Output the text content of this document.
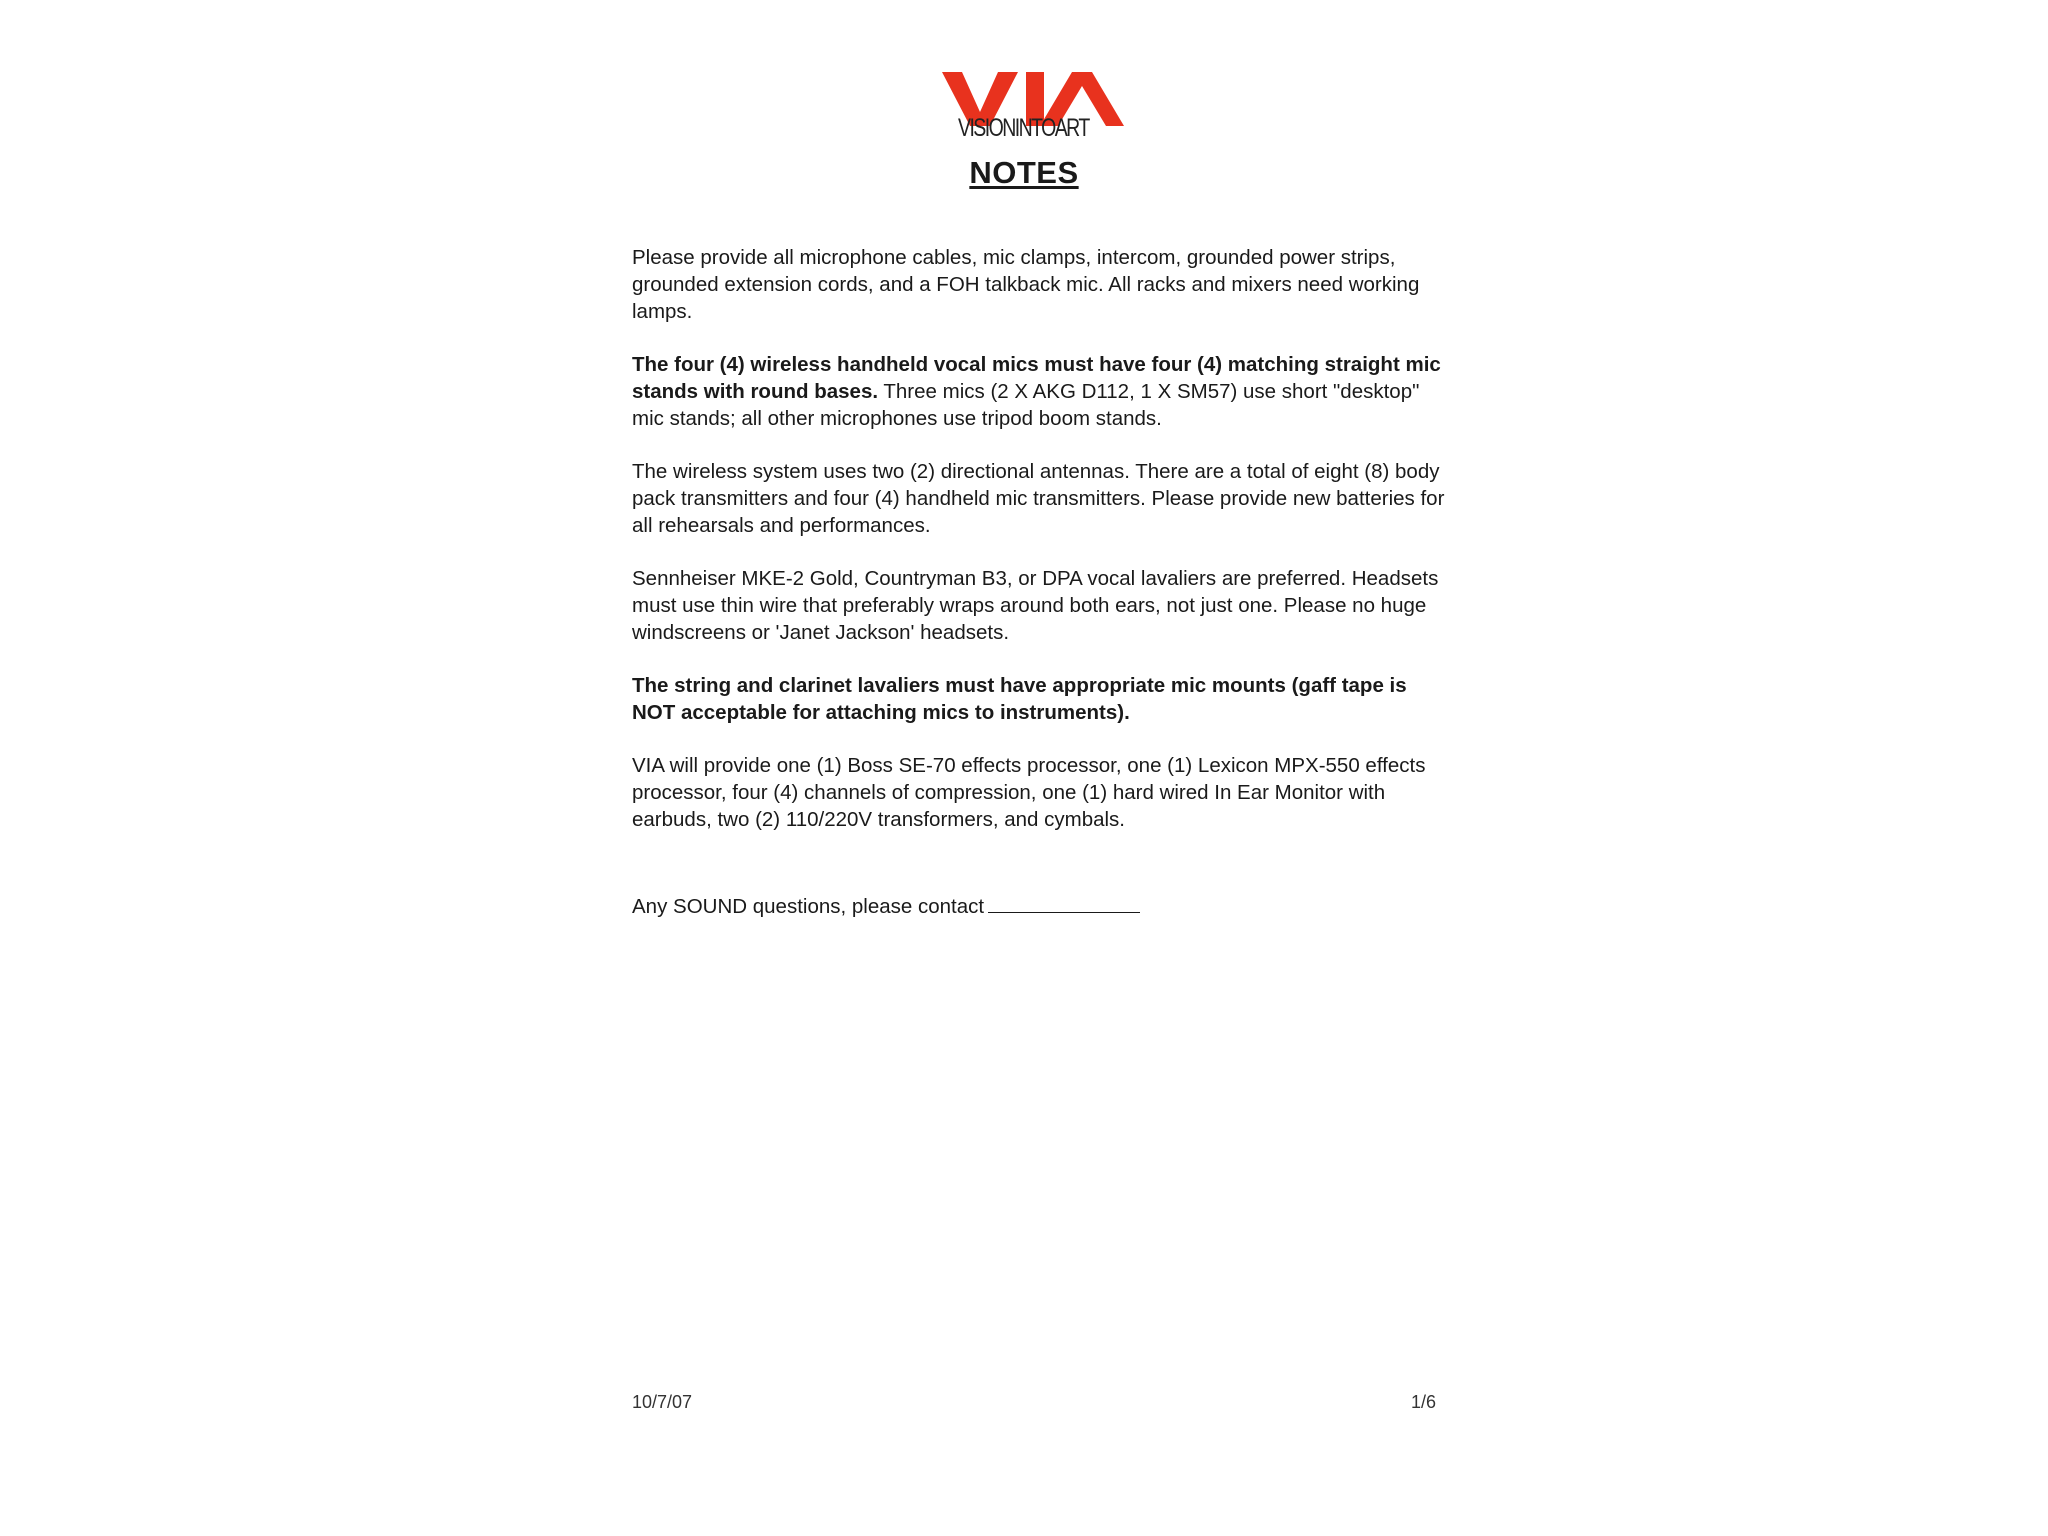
VISIONINTOART
NOTES

Please provide all microphone cables, mic clamps, intercom, grounded power strips, grounded extension cords, and a FOH talkback mic. All racks and mixers need working lamps.

The four (4) wireless handheld vocal mics must have four (4) matching straight mic stands with round bases. Three mics (2 X AKG D112, 1 X SM57) use short "desktop" mic stands; all other microphones use tripod boom stands.

The wireless system uses two (2) directional antennas. There are a total of eight (8) body pack transmitters and four (4) handheld mic transmitters. Please provide new batteries for all rehearsals and performances.

Sennheiser MKE-2 Gold, Countryman B3, or DPA vocal lavaliers are preferred. Headsets must use thin wire that preferably wraps around both ears, not just one. Please no huge windscreens or 'Janet Jackson' headsets.

The string and clarinet lavaliers must have appropriate mic mounts (gaff tape is NOT acceptable for attaching mics to instruments).

VIA will provide one (1) Boss SE-70 effects processor, one (1) Lexicon MPX-550 effects processor, four (4) channels of compression, one (1) hard wired In Ear Monitor with earbuds, two (2) 110/220V transformers, and cymbals.

Any SOUND questions, please contact
10/7/07	1/6
